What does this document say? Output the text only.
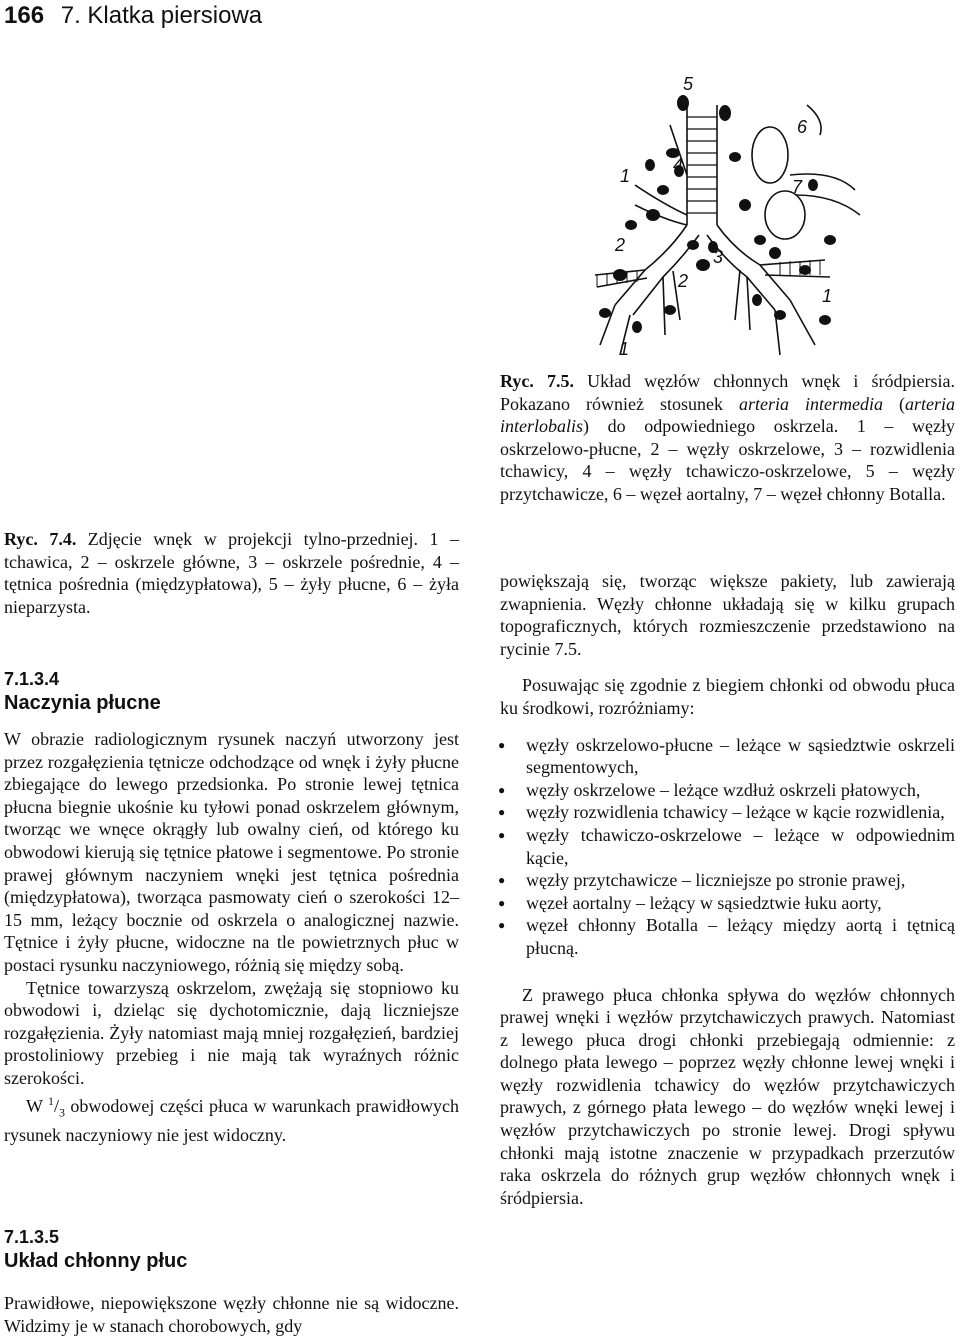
166 7. Klatka piersiowa
5
6
4
1
7
2
3
2
1
1
Ryc. 7.5. Układ węzłów chłonnych wnęk i śródpiersia. Pokazano również stosunek arteria intermedia (arteria interlobalis) do odpowiedniego oskrzela. 1 – węzły oskrzelowo-płucne, 2 – węzły oskrzelowe, 3 – rozwidlenia tchawicy, 4 – węzły tchawiczo-oskrzelowe, 5 – węzły przytchawicze, 6 – węzeł aortalny, 7 – węzeł chłonny Botalla.
Ryc. 7.4. Zdjęcie wnęk w projekcji tylno-przedniej. 1 – tchawica, 2 – oskrzele główne, 3 – oskrzele pośrednie, 4 – tętnica pośrednia (międzypłatowa), 5 – żyły płucne, 6 – żyła nieparzysta.
7.1.3.4
Naczynia płucne

W obrazie radiologicznym rysunek naczyń utworzony jest przez rozgałęzienia tętnicze odchodzące od wnęk i żyły płucne zbiegające do lewego przedsionka. Po stronie lewej tętnica płucna biegnie ukośnie ku tyłowi ponad oskrzelem głównym, tworząc we wnęce okrągły lub owalny cień, od którego ku obwodowi kierują się tętnice płatowe i segmentowe. Po stronie prawej głównym naczyniem wnęki jest tętnica pośrednia (międzypłatowa), tworząca pasmowaty cień o szerokości 12–15 mm, leżący bocznie od oskrzela o analogicznej nazwie. Tętnice i żyły płucne, widoczne na tle powietrznych płuc w postaci rysunku naczyniowego, różnią się między sobą.

Tętnice towarzyszą oskrzelom, zwężają się stopniowo ku obwodowi i, dzieląc się dychotomicznie, dają liczniejsze rozgałęzienia. Żyły natomiast mają mniej rozgałęzień, bardziej prostoliniowy przebieg i nie mają tak wyraźnych różnic szerokości.

W $^1/_3$ obwodowej części płuca w warunkach prawidłowych rysunek naczyniowy nie jest widoczny.

7.1.3.5
Układ chłonny płuc

Prawidłowe, niepowiększone węzły chłonne nie są widoczne. Widzimy je w stanach chorobowych, gdy

powiększają się, tworząc większe pakiety, lub zawierają zwapnienia. Węzły chłonne układają się w kilku grupach topograficznych, których rozmieszczenie przedstawiono na rycinie 7.5.

Posuwając się zgodnie z biegiem chłonki od obwodu płuca ku środkowi, rozróżniamy:

● węzły oskrzelowo-płucne – leżące w sąsiedztwie oskrzeli segmentowych,
● węzły oskrzelowe – leżące wzdłuż oskrzeli płatowych,
● węzły rozwidlenia tchawicy – leżące w kącie rozwidlenia,
● węzły tchawiczo-oskrzelowe – leżące w odpowiednim kącie,
● węzły przytchawicze – liczniejsze po stronie prawej,
● węzeł aortalny – leżący w sąsiedztwie łuku aorty,
● węzeł chłonny Botalla – leżący między aortą i tętnicą płucną.

Z prawego płuca chłonka spływa do węzłów chłonnych prawej wnęki i węzłów przytchawiczych prawych. Natomiast z lewego płuca drogi chłonki przebiegają odmiennie: z dolnego płata lewego – poprzez węzły chłonne lewej wnęki i węzły rozwidlenia tchawicy do węzłów przytchawiczych prawych, z górnego płata lewego – do węzłów wnęki lewej i węzłów przytchawiczych po stronie lewej. Drogi spływu chłonki mają istotne znaczenie w przypadkach przerzutów raka oskrzela do różnych grup węzłów chłonnych wnęk i śródpiersia.
